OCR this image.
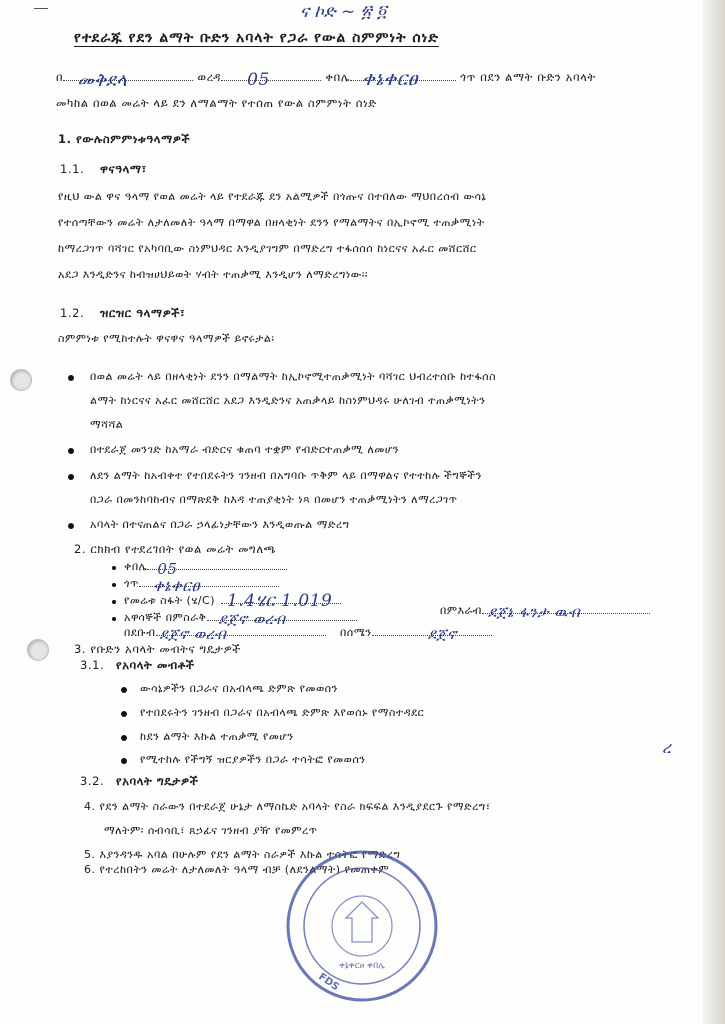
ና ኮድ ~ ፳ ፬
የተደራጁ የደን ልማት ቡድን አባላት የጋራ የውል ስምምነት ሰነድ
በ መቅደላ	ወረዳ 05	ቀበሌ ቀኔቀርፀ	ጎጥ በደን ልማት ቡድን አባላት
መካከል በወል መሬት ላይ ደን ለማልማት የተሰጠ የውል ስምምነት ሰነድ
1. የውሉስምምነቱዓላማዎች
1.1. ዋናዓላማ፣
የዚህ ውል ዋና ዓላማ የወል መሬት ላይ የተደራጁ ደን አልሚዎች በጎጡና በተበለው ማህበረሰብ ውሳኔ
የተሰጣቸውን መሬት ለታለመለት ዓላማ በማዋል በዘላቂነት ደንን የማልማትና በኢኮኖሚ ተጠቃሚነት
ከማረጋገጥ ባሻገር የአካባቢው ስነምህዳር እንዲያገግም በማድረግ ተፋሰሰሰ ከነርናና አፈር መሸርሸር
አደጋ እንዲድንና ከብዝሀህይወት ሃብት ተጠቃሚ እንዲሆን ለማድረግነው፡፡
1.2. ዝርዝር ዓላማዎች፣
ስምምነቱ የሚከተሉት ዋናዋና ዓላማዎች ይኖሩታል፡
በወል መሬት ላይ በዘላቂነት ደንን በማልማት ከኢኮኖሚተጠቃሚነት ባሻገር ህብረተሰቡ ከተፋሰስ
ልማት ከነርናና አፈር መሸርሸር አደጋ እንዲድንና አጠቃላይ ከስነምህዳሩ ሁለገብ ተጠቃሚነትን
ማሻሻል
በተደራጀ መንገድ ከአማራ ብድርና ቁጠባ ተቋም የብድርተጠቃሚ ለመሆን
ለደን ልማት ከአብቀተ የተበደሩትን ገንዘብ በአግባቡ ጥቅም ላይ በማዋልና የተተከሉ ችግኞችን
በጋራ በመንከባከብና በማጽደቅ ከእዳ ተጠያቂነት ነጻ በመሆን ተጠቃሚነትን ለማረጋገጥ
አባላት በተናጠልና በጋራ ኃላፊነታቸውን እንዲወጡል ማድረግ
2. ርክክብ የተደረገበት የወል መሬት መግለጫ
ቀበሌ 05
ጎጥ ቀኔቀርፀ
የመሬቱ ስፋት (ሄ/C) 1.4ሄር 1.019
አዋሳኞች በምስራቅ ደጀኖ ወረብ	በምእራብ ደጀኔ ፋንታ ዉብ
በደቡብ ደጀኖ ወረብ	በሰሜን	ደጀኖ
3. የቡድን አባላት መብትና ግዴታዎች
3.1. የአባላት መብቶች
ውሳኔዎችን በጋራና በአብላጫ ድምጽ የመወሰን
የተበደሩትን ገንዘብ በጋራና በአብላጫ ድምጽ እየወሰኑ የማስተዳደር
ከደን ልማት እኩል ተጠቃሚ የመሆን
የሚተከሉ የችግኝ ዝርያዎችን በጋራ ተሳትፎ የመወሰን
ረ
3.2. የአባላት ግዴታዎች
4. የደን ልማት ስራውን በተደራጀ ሁኔታ ለማስኬድ አባላት የስራ ክፍፍል እንዲያደርጉ የማድረግ፣
ማለትም፡ ሰብሳቢ፣ ጸኃፊና ገንዘብ ያዥ የመምረጥ
5. እያንዳንዱ አባል በሁሉም የደን ልማት ስራዎች እኩል ተሳትፎ የማድረግ
6. የተረከበትን መሬት ለታለመለት ዓላማ ብቻ (ለደንልማት) የመጠቀም
ቀኔቀርፀ ቀበሌ
FDS
